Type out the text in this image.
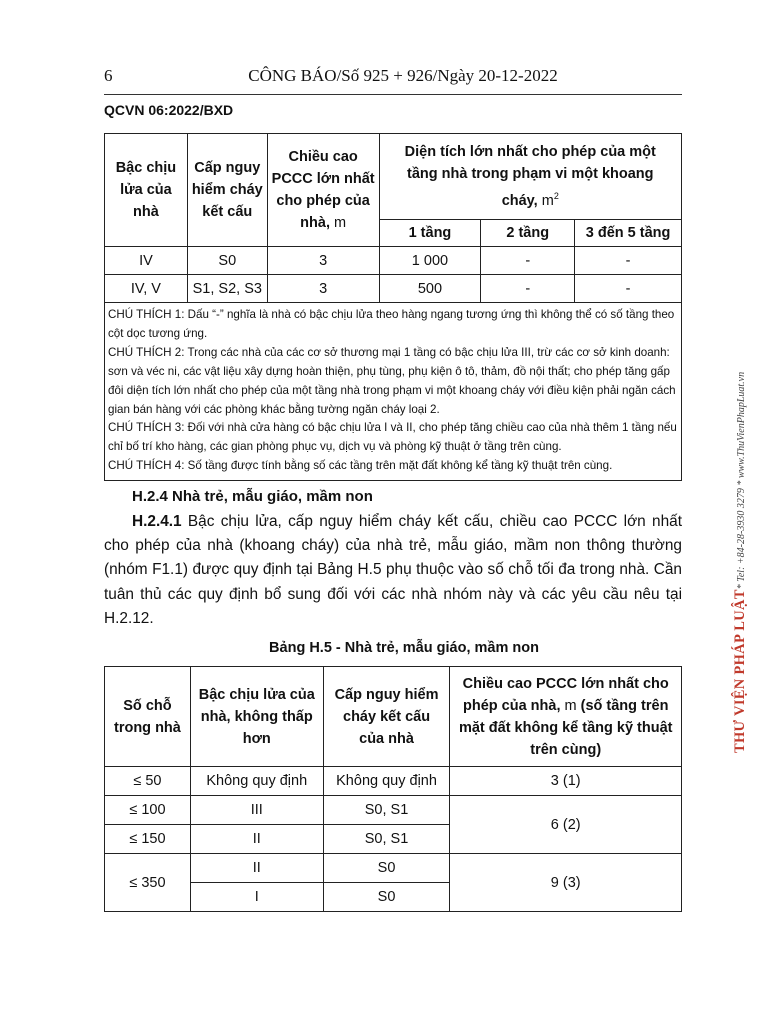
6	CÔNG BÁO/Số 925 + 926/Ngày 20-12-2022
QCVN 06:2022/BXD
Bậc chịu lửa của nhà	Cấp nguy hiểm cháy kết cấu	Chiều cao PCCC lớn nhất cho phép của nhà, m	Diện tích lớn nhất cho phép của một tầng nhà trong phạm vi một khoang cháy, $m^2$
			1 tầng	2 tầng	3 đến 5 tầng
IV	S0	3	1 000	-	-
IV, V	S1, S2, S3	3	500	-	-

CHÚ THÍCH 1: Dấu “-” nghĩa là nhà có bậc chịu lửa theo hàng ngang tương ứng thì không thể có số tầng theo cột dọc tương ứng.
CHÚ THÍCH 2: Trong các nhà của các cơ sở thương mại 1 tầng có bậc chịu lửa III, trừ các cơ sở kinh doanh: sơn và véc ni, các vật liệu xây dựng hoàn thiện, phụ tùng, phụ kiện ô tô, thảm, đồ nội thất; cho phép tăng gấp đôi diện tích lớn nhất cho phép của một tầng nhà trong phạm vi một khoang cháy với điều kiện phải ngăn cách gian bán hàng với các phòng khác bằng tường ngăn cháy loại 2.
CHÚ THÍCH 3: Đối với nhà cửa hàng có bậc chịu lửa I và II, cho phép tăng chiều cao của nhà thêm 1 tầng nếu chỉ bố trí kho hàng, các gian phòng phục vụ, dịch vụ và phòng kỹ thuật ở tầng trên cùng.
CHÚ THÍCH 4: Số tầng được tính bằng số các tầng trên mặt đất không kể tầng kỹ thuật trên cùng.					
H.2.4 Nhà trẻ, mẫu giáo, mầm non
H.2.4.1 Bậc chịu lửa, cấp nguy hiểm cháy kết cấu, chiều cao PCCC lớn nhất cho phép của nhà (khoang cháy) của nhà trẻ, mẫu giáo, mầm non thông thường (nhóm F1.1) được quy định tại Bảng H.5 phụ thuộc vào số chỗ tối đa trong nhà. Cần tuân thủ các quy định bổ sung đối với các nhà nhóm này và các yêu cầu nêu tại H.2.12.
Bảng H.5 - Nhà trẻ, mẫu giáo, mầm non
Số chỗ trong nhà	Bậc chịu lửa của nhà, không thấp hơn	Cấp nguy hiểm cháy kết cấu của nhà	Chiều cao PCCC lớn nhất cho phép của nhà, m (số tầng trên mặt đất không kể tầng kỹ thuật trên cùng)
≤ 50	Không quy định	Không quy định	3 (1)
≤ 100	III	S0, S1	6 (2)
≤ 150	II	S0, S1	
≤ 350	II	S0	9 (3)
	I	S0	
THƯ VIỆN PHÁP LUẬT* Tel: +84-28-3930 3279 * www.ThuVienPhapLuat.vn
